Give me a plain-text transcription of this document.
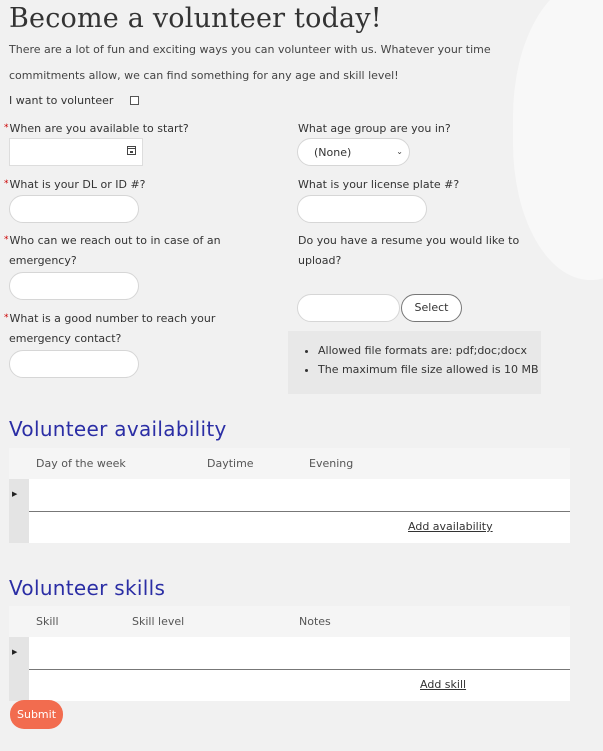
Become a volunteer today!
There are a lot of fun and exciting ways you can volunteer with us. Whatever your time
commitments allow, we can find something for any age and skill level!
I want to volunteer
*When are you available to start?
*What is your DL or ID #?
*Who can we reach out to in case of an
emergency?
*What is a good number to reach your
emergency contact?
What age group are you in?
(None)	⌄
What is your license plate #?
Do you have a resume you would like to
upload?
Select
• Allowed file formats are: pdf;doc;docx
• The maximum file size allowed is 10 MB
Volunteer availability
Day of the week	Daytime	Evening
▶
Add availability
Volunteer skills
Skill	Skill level	Notes
▶
Add skill
Submit
